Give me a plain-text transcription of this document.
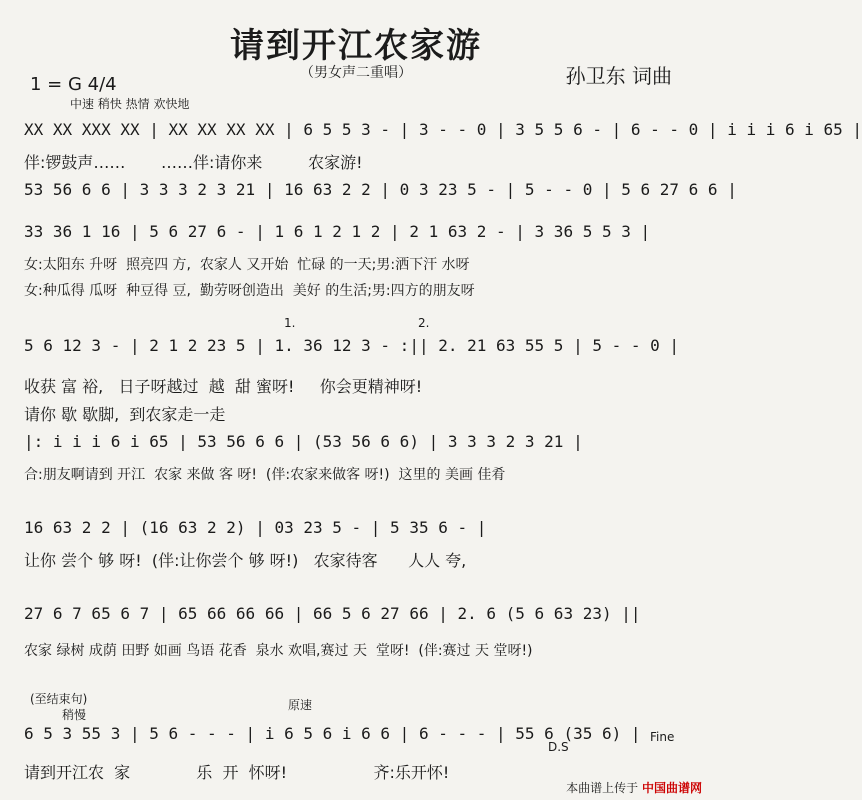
请到开江农家游
（男女声二重唱）	孙卫东 词曲
1 = G 4/4
中速 稍快 热情 欢快地
XX XX XXX XX | XX XX XX XX | 6 5 5 3 - | 3 - - 0 | 3 5 5 6 - | 6 - - 0 | i i i 6 i 65 |
伴:锣鼓声……       ……伴:请你来         农家游!
53 56 6 6 | 3 3 3 2 3 21 | 16 63 2 2 | 0 3 23 5 - | 5 - - 0 | 5 6 27 6 6 |
33 36 1 16 | 5 6 27 6 - | 1 6 1 2 1 2 | 2 1 63 2 - | 3 36 5 5 3 |
女:太阳东 升呀  照亮四 方,  农家人 又开始  忙碌 的一天;男:洒下汗 水呀
女:种瓜得 瓜呀  种豆得 豆,  勤劳呀创造出  美好 的生活;男:四方的朋友呀
1.	2.
5 6 12 3 - | 2 1 2 23 5 | 1. 36 12 3 - :|| 2. 21 63 55 5 | 5 - - 0 |
收获 富 裕,   日子呀越过  越  甜 蜜呀!     你会更精神呀!
请你 歇 歇脚,  到农家走一走
|: i i i 6 i 65 | 53 56 6 6 | (53 56 6 6) | 3 3 3 2 3 21 |
合:朋友啊请到 开江  农家 来做 客 呀!  (伴:农家来做客 呀!)  这里的 美画 佳肴
16 63 2 2 | (16 63 2 2) | 03 23 5 - | 5 35 6 - |
让你 尝个 够 呀!  (伴:让你尝个 够 呀!)   农家待客      人人 夸,
27 6 7 65 6 7 | 65 66 66 66 | 66 5 6 27 66 | 2. 6 (5 6 63 23) ||
农家 绿树 成荫 田野 如画 鸟语 花香  泉水 欢唱,赛过 天  堂呀!  (伴:赛过 天 堂呀!)
(至结束句)
稍慢
原速
6 5 3 55 3 | 5 6 - - - | i 6 5 6 i 6 6 | 6 - - - | 55 6 (35 6) |
D.S
Fine
请到开江农  家             乐  开  怀呀!                 齐:乐开怀!
本曲谱上传于 中国曲谱网
